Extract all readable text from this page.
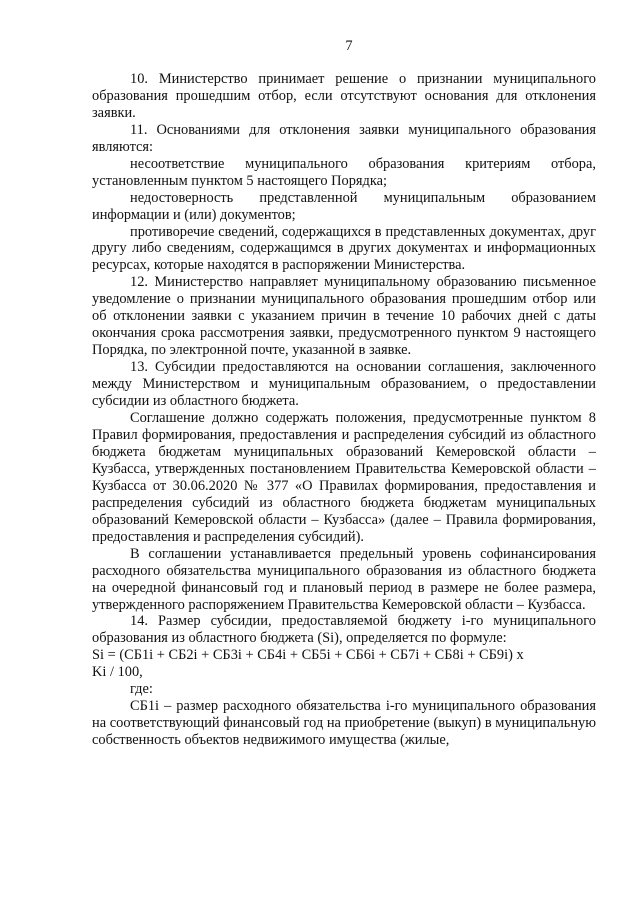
7

10. Министерство принимает решение о признании муниципального образования прошедшим отбор, если отсутствуют основания для отклонения заявки.

11. Основаниями для отклонения заявки муниципального образования являются:

несоответствие муниципального образования критериям отбора, установленным пунктом 5 настоящего Порядка;

недостоверность представленной муниципальным образованием информации и (или) документов;

противоречие сведений, содержащихся в представленных документах, друг другу либо сведениям, содержащимся в других документах и информационных ресурсах, которые находятся в распоряжении Министерства.

12. Министерство направляет муниципальному образованию письменное уведомление о признании муниципального образования прошедшим отбор или об отклонении заявки с указанием причин в течение 10 рабочих дней с даты окончания срока рассмотрения заявки, предусмотренного пунктом 9 настоящего Порядка, по электронной почте, указанной в заявке.

13. Субсидии предоставляются на основании соглашения, заключенного между Министерством и муниципальным образованием, о предоставлении субсидии из областного бюджета.

Соглашение должно содержать положения, предусмотренные пунктом 8 Правил формирования, предоставления и распределения субсидий из областного бюджета бюджетам муниципальных образований Кемеровской области – Кузбасса, утвержденных постановлением Правительства Кемеровской области – Кузбасса от 30.06.2020 № 377 «О Правилах формирования, предоставления и распределения субсидий из областного бюджета бюджетам муниципальных образований Кемеровской области – Кузбасса» (далее – Правила формирования, предоставления и распределения субсидий).

В соглашении устанавливается предельный уровень софинансирования расходного обязательства муниципального образования из областного бюджета на очередной финансовый год и плановый период в размере не более размера, утвержденного распоряжением Правительства Кемеровской области – Кузбасса.

14. Размер субсидии, предоставляемой бюджету i-го муниципального образования из областного бюджета (Si), определяется по формуле:

Si = (СБ1i + СБ2i + СБ3i + СБ4i + СБ5i + СБ6i + СБ7i + СБ8i + СБ9i) x
Ki / 100,

где:

СБ1i – размер расходного обязательства i-го муниципального образования на соответствующий финансовый год на приобретение (выкуп) в муниципальную собственность объектов недвижимого имущества (жилые,
